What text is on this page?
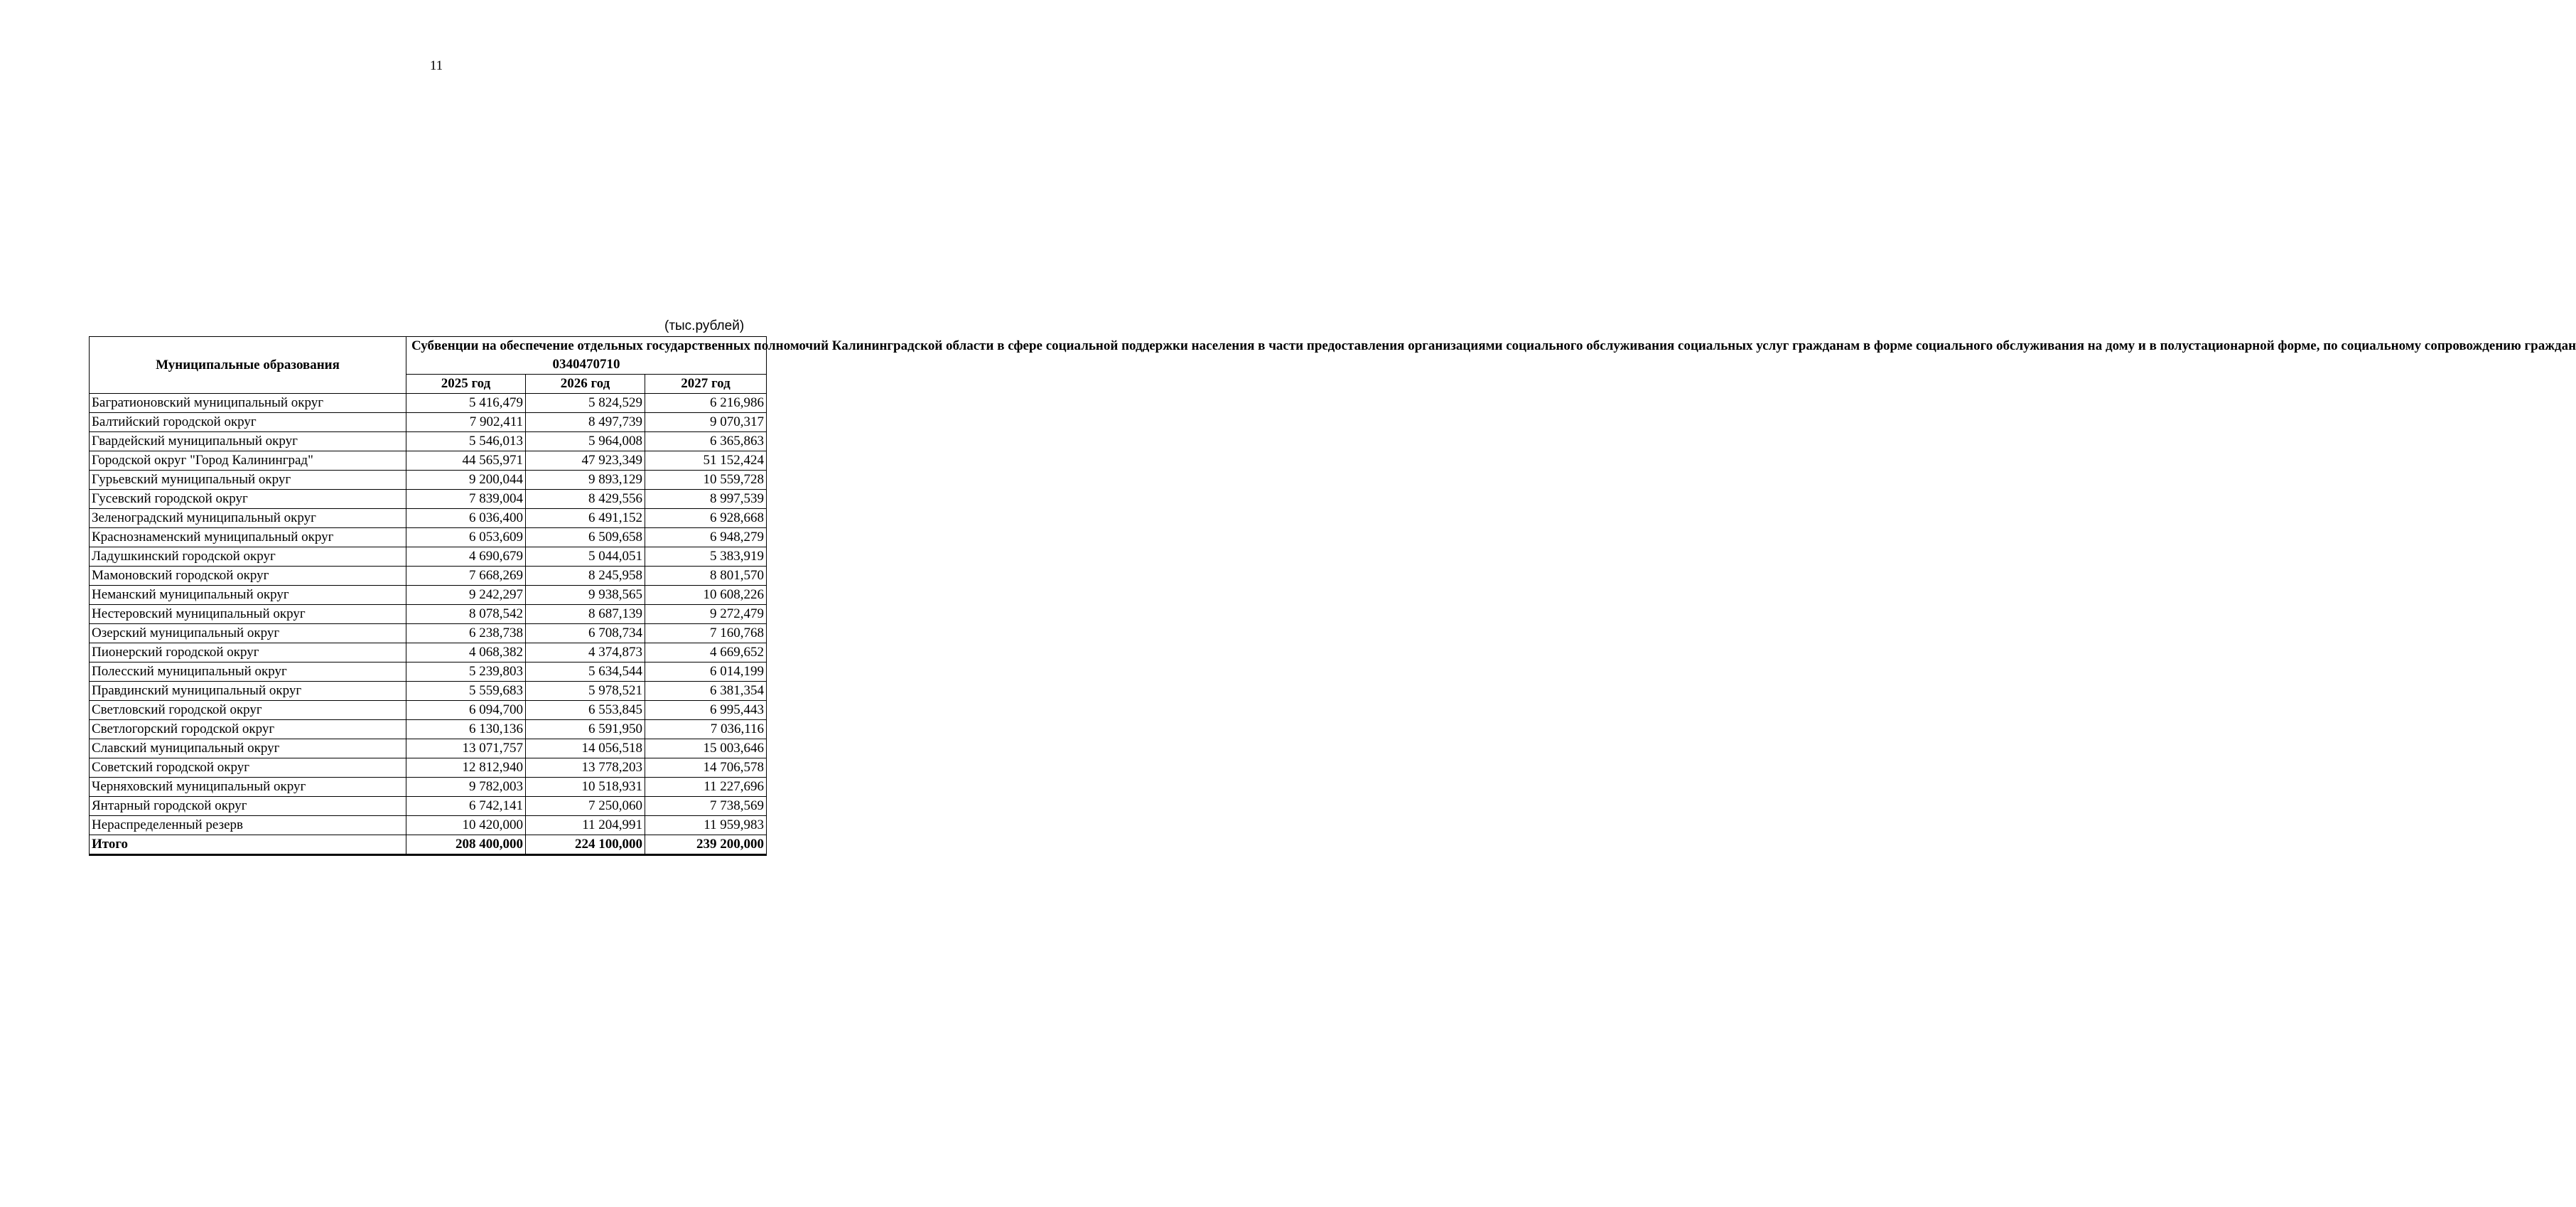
11
(тыс.рублей)
Муниципальные образования	Субвенции на обеспечение отдельных государственных полномочий Калининградской области в сфере социальной поддержки населения в части предоставления организациями социального обслуживания социальных услуг гражданам в форме социального обслуживания на дому и в полустационарной форме, по социальному сопровождению граждан
0340470710		

	2025 год	2026 год	2027 год
Багратионовский муниципальный округ	5 416,479	5 824,529	6 216,986
Балтийский городской округ	7 902,411	8 497,739	9 070,317
Гвардейский муниципальный округ	5 546,013	5 964,008	6 365,863
Городской округ "Город Калининград"	44 565,971	47 923,349	51 152,424
Гурьевский муниципальный округ	9 200,044	9 893,129	10 559,728
Гусевский городской округ	7 839,004	8 429,556	8 997,539
Зеленоградский муниципальный округ	6 036,400	6 491,152	6 928,668
Краснознаменский муниципальный округ	6 053,609	6 509,658	6 948,279
Ладушкинский городской округ	4 690,679	5 044,051	5 383,919
Мамоновский городской округ	7 668,269	8 245,958	8 801,570
Неманский муниципальный округ	9 242,297	9 938,565	10 608,226
Нестеровский муниципальный округ	8 078,542	8 687,139	9 272,479
Озерский муниципальный округ	6 238,738	6 708,734	7 160,768
Пионерский городской округ	4 068,382	4 374,873	4 669,652
Полесский муниципальный округ	5 239,803	5 634,544	6 014,199
Правдинский муниципальный округ	5 559,683	5 978,521	6 381,354
Светловский городской округ	6 094,700	6 553,845	6 995,443
Светлогорский городской округ	6 130,136	6 591,950	7 036,116
Славский муниципальный округ	13 071,757	14 056,518	15 003,646
Советский городской округ	12 812,940	13 778,203	14 706,578
Черняховский муниципальный округ	9 782,003	10 518,931	11 227,696
Янтарный городской округ	6 742,141	7 250,060	7 738,569
Нераспределенный резерв	10 420,000	11 204,991	11 959,983
Итого	208 400,000	224 100,000	239 200,000
